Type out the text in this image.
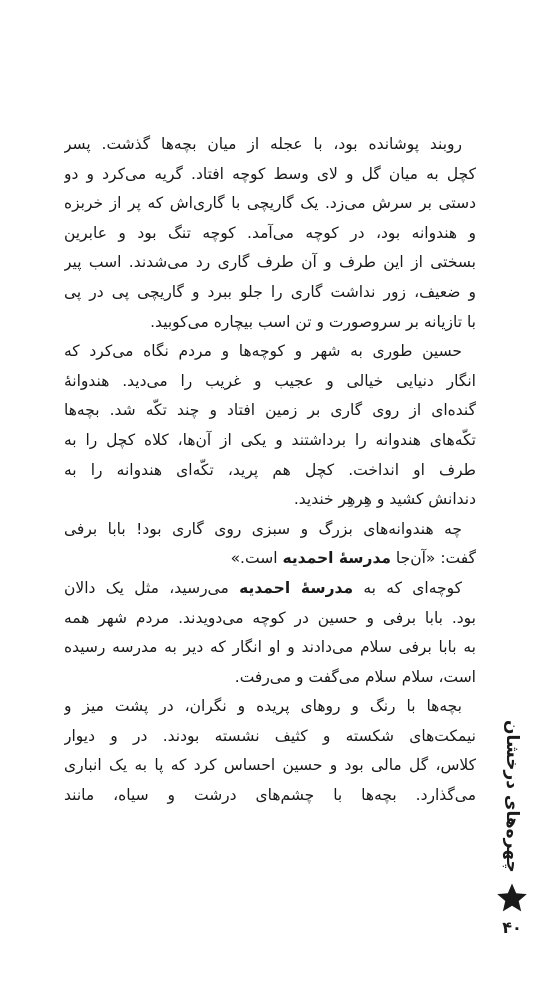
روبند پوشانده بود، با عجله از میان بچه‌ها گذشت. پسر
کچل به میان گل و لای وسط کوچه افتاد. گریه می‌کرد و دو
دستی بر سرش می‌زد. یک گاریچی با گاری‌اش که پر از خربزه
و هندوانه بود، در کوچه می‌آمد. کوچه تنگ بود و عابرین
بسختی از این طرف و آن طرف گاری رد می‌شدند. اسب پیر
و ضعیف، زور نداشت گاری را جلو ببرد و گاریچی پی در پی
با تازیانه بر سروصورت و تن اسب بیچاره می‌کوبید.
حسین طوری به شهر و کوچه‌ها و مردم نگاه می‌کرد که
انگار دنیایی خیالی و عجیب و غریب را می‌دید. هندوانهٔ
گنده‌ای از روی گاری بر زمین افتاد و چند تکّه شد. بچه‌ها
تکّه‌های هندوانه را برداشتند و یکی از آن‌ها، کلاه کچل را به
طرف او انداخت. کچل هم پرید، تکّه‌ای هندوانه را به
دندانش کشید و هِرهِر خندید.
چه هندوانه‌های بزرگ و سبزی روی گاری بود! بابا برفی
گفت: «آن‌جا مدرسهٔ احمدیه است.»
کوچه‌ای که به مدرسهٔ احمدیه می‌رسید، مثل یک دالان
بود. بابا برفی و حسین در کوچه می‌دویدند. مردم شهر همه
به بابا برفی سلام می‌دادند و او انگار که دیر به مدرسه رسیده
است، سلام سلام می‌گفت و می‌رفت.
بچه‌ها با رنگ و روهای پریده و نگران، در پشت میز و
نیمکت‌های شکسته و کثیف نشسته بودند. در و دیوار
کلاس، گل مالی بود و حسین احساس کرد که پا به یک انباری
می‌گذارد. بچه‌ها با چشم‌های درشت و سیاه، مانند	چهره‌های درخشان
۴۰
